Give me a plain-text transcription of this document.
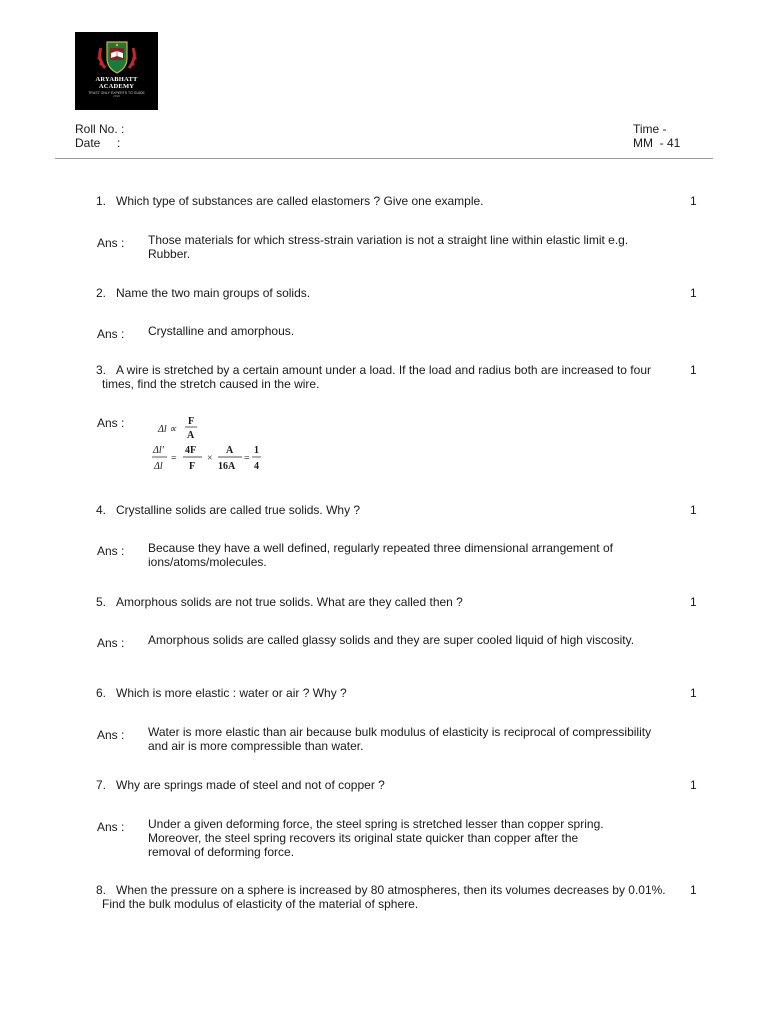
ARYABHATT
ACADEMY
TRUST ONLY EXPERTS TO GUIDE
2019
Roll No. :
Date     :
Time -
MM  - 41
1. Which type of substances are called elastomers ? Give one example.	1
Ans : Those materials for which stress-strain variation is not a straight line within elastic limit e.g. Rubber.
2. Name the two main groups of solids.	1
Ans : Crystalline and amorphous.
3. A wire is stretched by a certain amount under a load. If the load and radius both are increased to four times, find the stretch caused in the wire.
1
Ans :	Δl ∝
F
A
Δl′
Δl
=
4F
F
×
A
16A
=
1
4
4. Crystalline solids are called true solids. Why ?	1
Ans : Because they have a well defined, regularly repeated three dimensional arrangement of ions/atoms/molecules.
5. Amorphous solids are not true solids. What are they called then ?	1
Ans : Amorphous solids are called glassy solids and they are super cooled liquid of high viscosity.
6. Which is more elastic : water or air ? Why ?	1
Ans : Water is more elastic than air because bulk modulus of elasticity is reciprocal of compressibility and air is more compressible than water.
7. Why are springs made of steel and not of copper ?	1
Ans : Under a given deforming force, the steel spring is stretched lesser than copper spring.
Moreover, the steel spring recovers its original state quicker than copper after the
removal of deforming force.
8. When the pressure on a sphere is increased by 80 atmospheres, then its volumes decreases by 0.01%. Find the bulk modulus of elasticity of the material of sphere.
1
